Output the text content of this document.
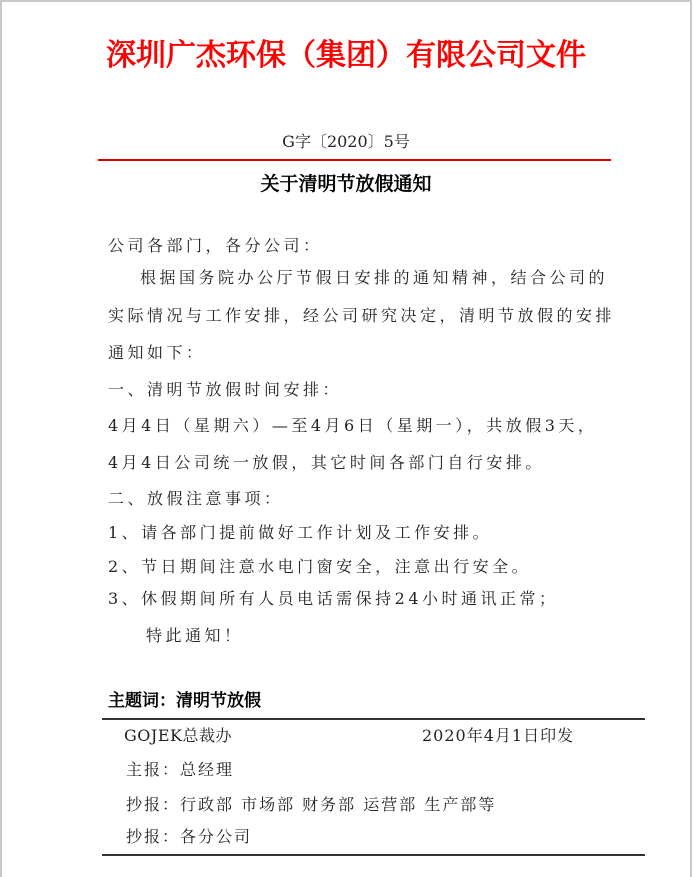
深圳广杰环保（集团）有限公司文件
G字〔2020〕5号
关于清明节放假通知
公司各部门，各分公司：
根据国务院办公厅节假日安排的通知精神，结合公司的
实际情况与工作安排，经公司研究决定，清明节放假的安排
通知如下：
一、清明节放假时间安排：
4月4日（星期六）—至4月6日（星期一），共放假3天，
4月4日公司统一放假，其它时间各部门自行安排。
二、放假注意事项：
1、请各部门提前做好工作计划及工作安排。
2、节日期间注意水电门窗安全，注意出行安全。
3、休假期间所有人员电话需保持24小时通讯正常；
特此通知！
主题词：清明节放假
GOJEK总裁办	2020年4月1日印发
主报：总经理
抄报：行政部 市场部 财务部 运营部 生产部等
抄报：各分公司
